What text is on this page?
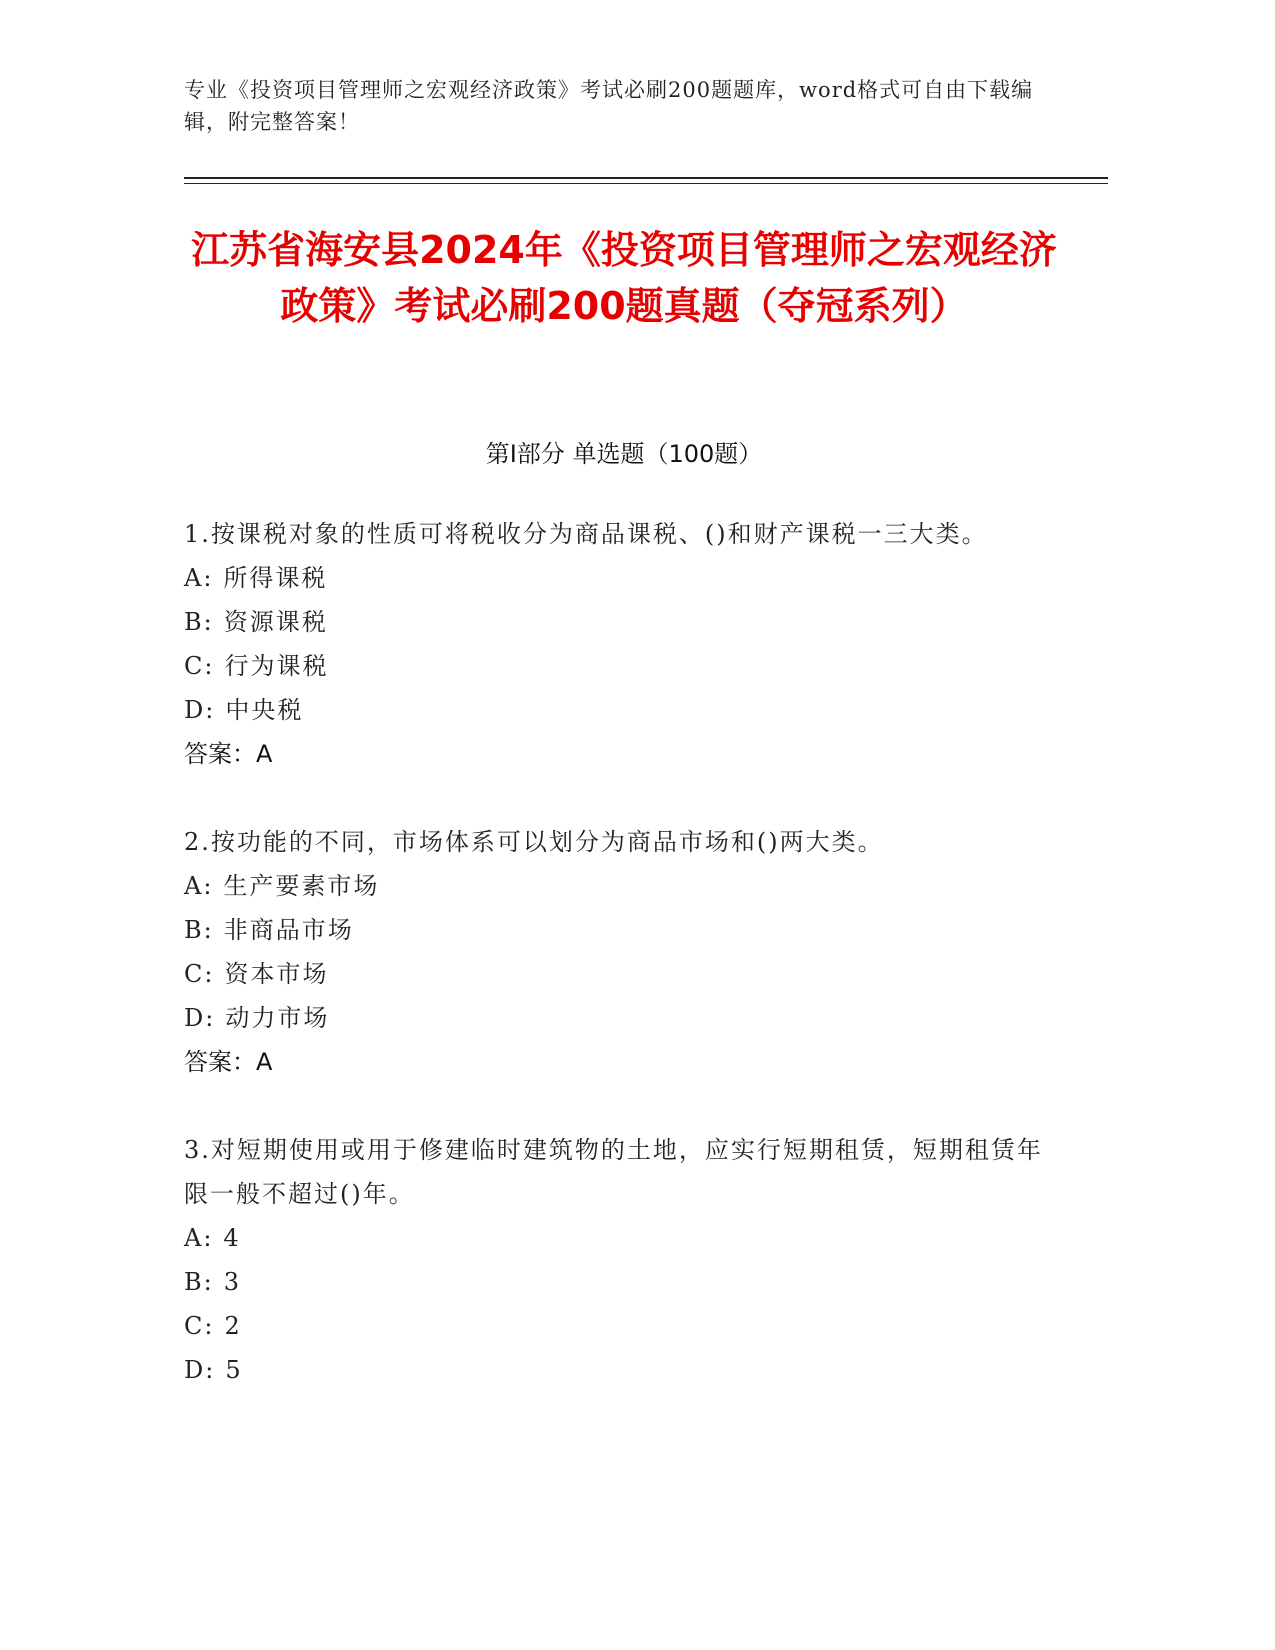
专业《投资项目管理师之宏观经济政策》考试必刷200题题库，word格式可自由下载编辑，附完整答案！
江苏省海安县2024年《投资项目管理师之宏观经济政策》考试必刷200题真题（夺冠系列）
第Ⅰ部分 单选题（100题）
1.按课税对象的性质可将税收分为商品课税、()和财产课税一三大类。
A: 所得课税
B: 资源课税
C: 行为课税
D: 中央税
答案：A
2.按功能的不同，市场体系可以划分为商品市场和()两大类。
A: 生产要素市场
B: 非商品市场
C: 资本市场
D: 动力市场
答案：A
3.对短期使用或用于修建临时建筑物的土地，应实行短期租赁，短期租赁年限一般不超过()年。
A: 4
B: 3
C: 2
D: 5
